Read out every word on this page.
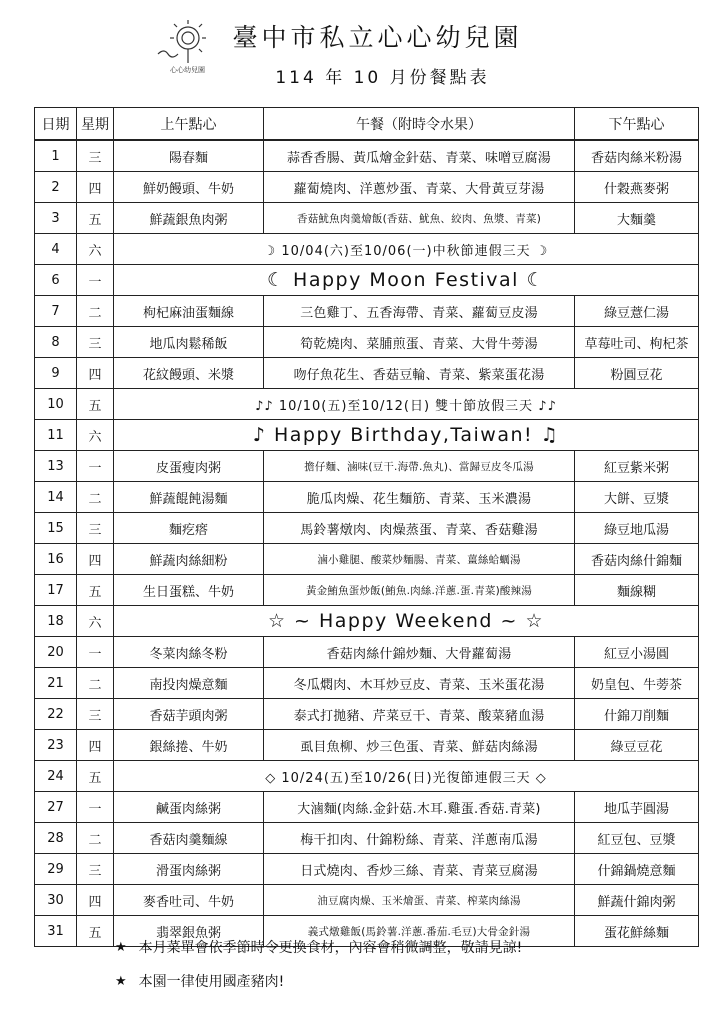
心心幼兒園
臺中市私立心心幼兒園
114 年 10 月份餐點表
日期	星期	上午點心	午餐（附時令水果）	下午點心
1	三	陽春麵	蒜香香腸、黃瓜燴金針菇、青菜、味噌豆腐湯	香菇肉絲米粉湯
2	四	鮮奶饅頭、牛奶	蘿蔔燒肉、洋蔥炒蛋、青菜、大骨黃豆芽湯	什穀燕麥粥
3	五	鮮蔬銀魚肉粥	香菇魷魚肉羹燴飯(香菇、魷魚、絞肉、魚漿、青菜)	大麵羹
4	六	☽ 10/04(六)至10/06(一)中秋節連假三天 ☽		
6	一	☾ Happy Moon Festival ☾		
7	二	枸杞麻油蛋麵線	三色雞丁、五香海帶、青菜、蘿蔔豆皮湯	綠豆薏仁湯
8	三	地瓜肉鬆稀飯	筍乾燒肉、菜脯煎蛋、青菜、大骨牛蒡湯	草莓吐司、枸杞茶
9	四	花紋饅頭、米漿	吻仔魚花生、香菇豆輪、青菜、紫菜蛋花湯	粉圓豆花
10	五	♪♪ 10/10(五)至10/12(日) 雙十節放假三天 ♪♪		
11	六	♪ Happy Birthday,Taiwan! ♫		
13	一	皮蛋瘦肉粥	擔仔麵、滷味(豆干.海帶.魚丸)、當歸豆皮冬瓜湯	紅豆紫米粥
14	二	鮮蔬餛飩湯麵	脆瓜肉燥、花生麵筋、青菜、玉米濃湯	大餅、豆漿
15	三	麵疙瘩	馬鈴薯燉肉、肉燥蒸蛋、青菜、香菇雞湯	綠豆地瓜湯
16	四	鮮蔬肉絲細粉	滷小雞腿、酸菜炒麵腸、青菜、薑絲蛤蠣湯	香菇肉絲什錦麵
17	五	生日蛋糕、牛奶	黃金鮪魚蛋炒飯(鮪魚.肉絲.洋蔥.蛋.青菜)酸辣湯	麵線糊
18	六	☆ ~ Happy Weekend ~ ☆		
20	一	冬菜肉絲冬粉	香菇肉絲什錦炒麵、大骨蘿蔔湯	紅豆小湯圓
21	二	南投肉燥意麵	冬瓜燜肉、木耳炒豆皮、青菜、玉米蛋花湯	奶皇包、牛蒡茶
22	三	香菇芋頭肉粥	泰式打拋豬、芹菜豆干、青菜、酸菜豬血湯	什錦刀削麵
23	四	銀絲捲、牛奶	虱目魚柳、炒三色蛋、青菜、鮮菇肉絲湯	綠豆豆花
24	五	◇ 10/24(五)至10/26(日)光復節連假三天 ◇		
27	一	鹹蛋肉絲粥	大滷麵(肉絲.金針菇.木耳.雞蛋.香菇.青菜)	地瓜芋圓湯
28	二	香菇肉羹麵線	梅干扣肉、什錦粉絲、青菜、洋蔥南瓜湯	紅豆包、豆漿
29	三	滑蛋肉絲粥	日式燒肉、香炒三絲、青菜、青菜豆腐湯	什錦鍋燒意麵
30	四	麥香吐司、牛奶	油豆腐肉燥、玉米燴蛋、青菜、榨菜肉絲湯	鮮蔬什錦肉粥
31	五	翡翠銀魚粥	義式燉雞飯(馬鈴薯.洋蔥.番茄.毛豆)大骨金針湯	蛋花鮮絲麵
★ 本月菜單會依季節時令更換食材，內容會稍微調整，敬請見諒!
★ 本園一律使用國產豬肉!
